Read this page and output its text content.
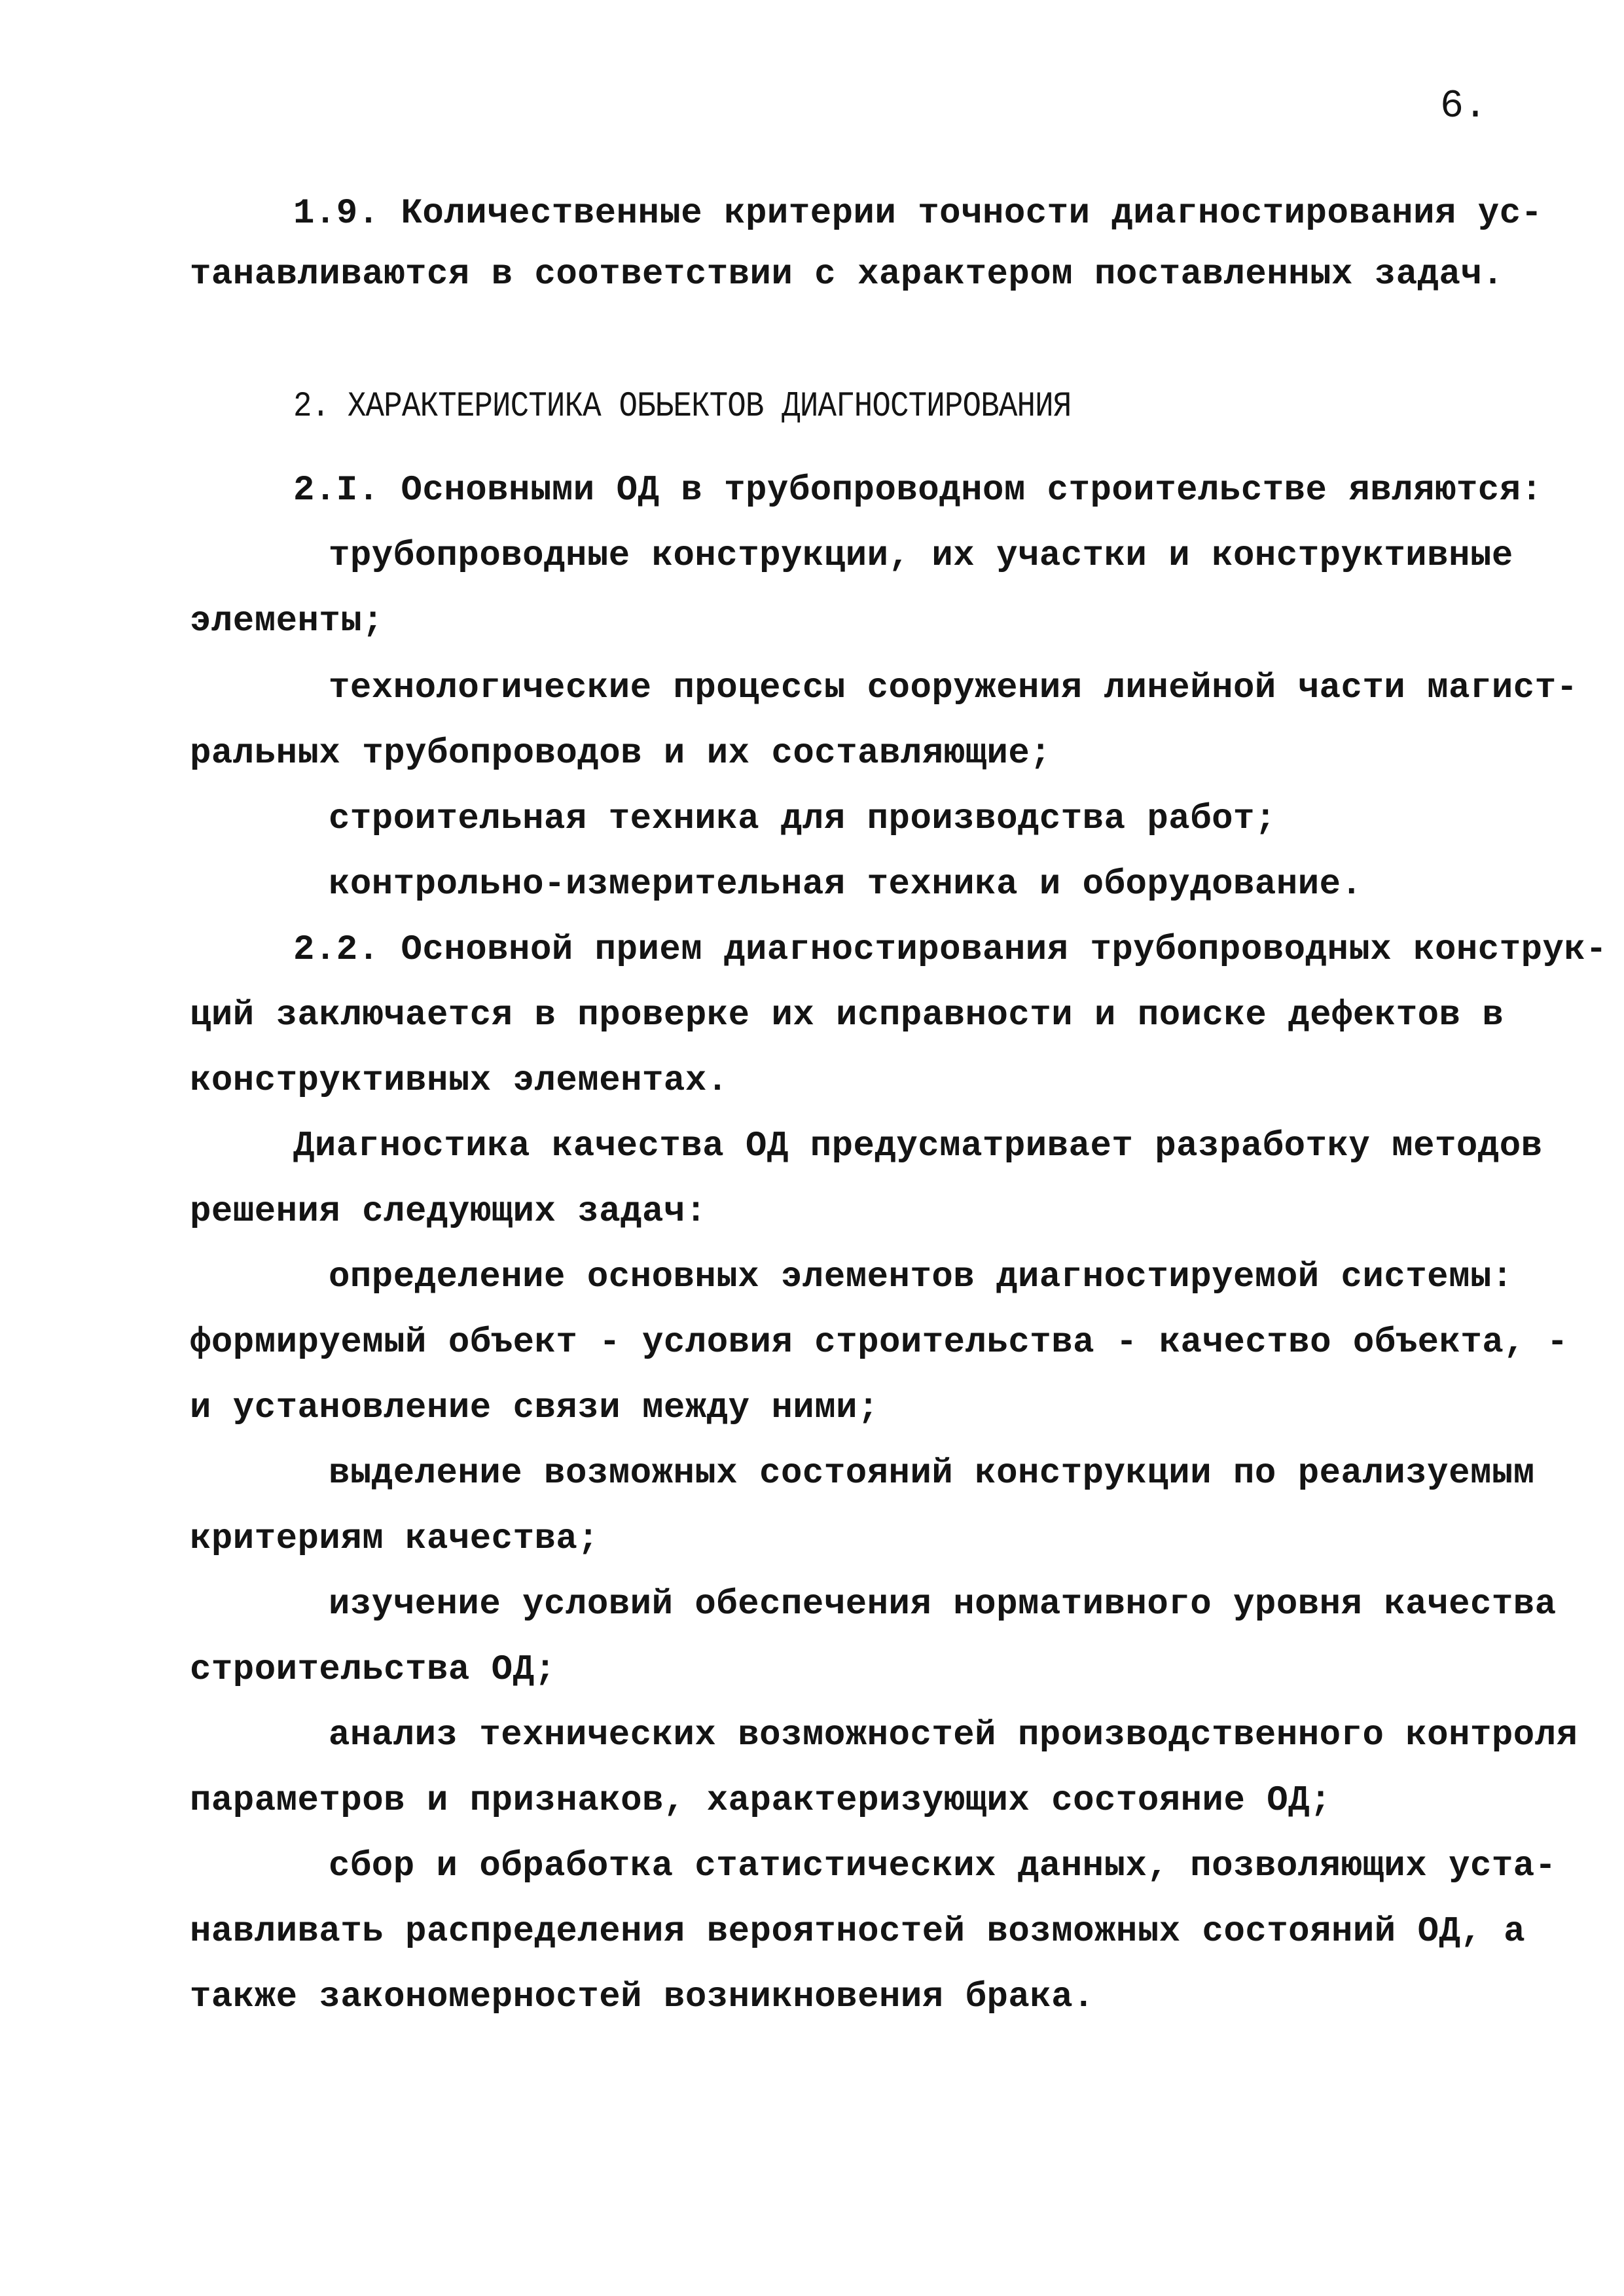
6.

1.9. Количественные критерии точности диагностирования ус-

танавливаются в соответствии с характером поставленных задач.

2. ХАРАКТЕРИСТИКА ОБЬЕКТОВ ДИАГНОСТИРОВАНИЯ

2.I. Основными ОД в трубопроводном строительстве являются:

трубопроводные конструкции, их участки и конструктивные

элементы;

технологические процессы сооружения линейной части магист-

ральных трубопроводов и их составляющие;

строительная техника для производства работ;

контрольно-измерительная техника и оборудование.

2.2. Основной прием диагностирования трубопроводных конструк-

ций заключается в проверке их исправности и поиске дефектов в

конструктивных элементах.

Диагностика качества ОД предусматривает разработку методов

решения следующих задач:

определение основных элементов диагностируемой системы:

формируемый объект - условия строительства - качество объекта, -

и установление связи между ними;

выделение возможных состояний конструкции по реализуемым

критериям качества;

изучение условий обеспечения нормативного уровня качества

строительства ОД;

анализ технических возможностей производственного контроля

параметров и признаков, характеризующих состояние ОД;

сбор и обработка статистических данных, позволяющих уста-

навливать распределения вероятностей возможных состояний ОД, а

также закономерностей возникновения брака.
